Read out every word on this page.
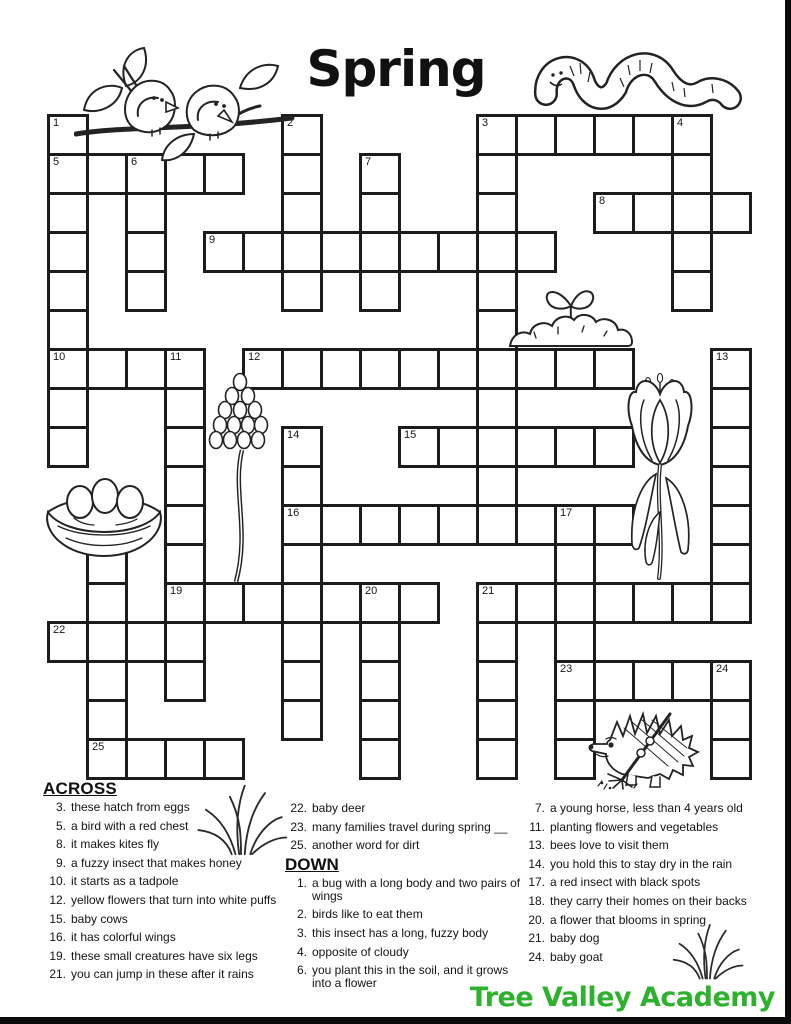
Spring
1	2	3	4
5	6	7
8
9
10	11	12	13
14	15
16	17
19	20	21
22
23	24
25
ACROSS
3. these hatch from eggs
5. a bird with a red chest
8. it makes kites fly
9. a fuzzy insect that makes honey
10. it starts as a tadpole
12. yellow flowers that turn into white puffs
15. baby cows
16. it has colorful wings
19. these small creatures have six legs
21. you can jump in these after it rains
22. baby deer
23. many families travel during spring __
25. another word for dirt
DOWN
1. a bug with a long body and two pairs of wings
2. birds like to eat them
3. this insect has a long, fuzzy body
4. opposite of cloudy
6. you plant this in the soil, and it grows into a flower
7. a young horse, less than 4 years old
11. planting flowers and vegetables
13. bees love to visit them
14. you hold this to stay dry in the rain
17. a red insect with black spots
18. they carry their homes on their backs
20. a flower that blooms in spring
21. baby dog
24. baby goat
Tree Valley Academy
